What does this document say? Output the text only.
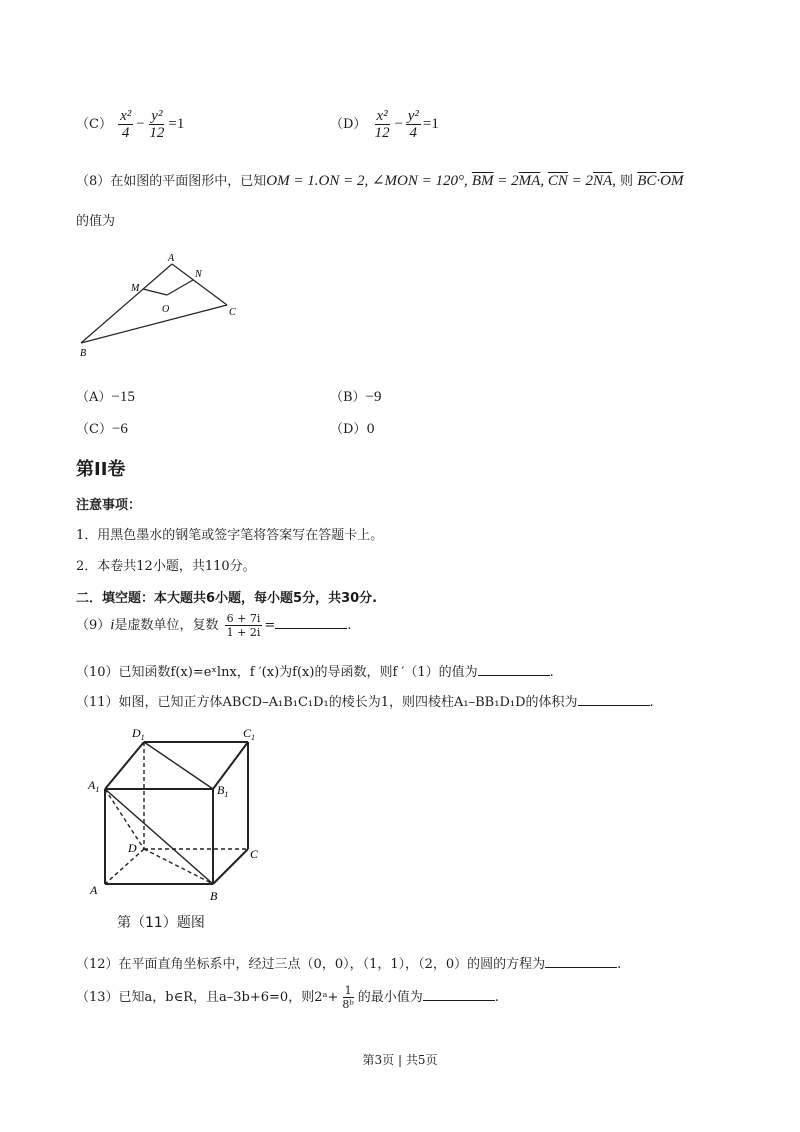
$(C) \frac{\text{x²}}{4} - \frac{\text{y²}}{12} =1$	$(D) \frac{\text{x²}}{12} - \frac{\text{y²}}{4} =1$
（8）在如图的平面图形中，已知OM = 1.ON = 2, ∠MON = 120°, $\overline{BM} = 2\overline{MA}$, $\overline{CN} = 2\overline{NA}$, 则 $\overline{BC}\cdot\overline{OM}$
的值为
A
N
M
O	C
B
（A）−15	（B）−9
（C）−6	（D）0
第II卷
注意事项：
1．用黑色墨水的钢笔或签字笔将答案写在答题卡上。
2．本卷共12小题，共110分。
二．填空题：本大题共6小题，每小题5分，共30分.
（9）i是虚数单位，复数 $\frac{6 + 7i}{1 + 2i}$ =	.
（10）已知函数f(x)=eˣlnx，f ′(x)为f(x)的导函数，则f ′（1）的值为	.
（11）如图，已知正方体ABCD–A₁B₁C₁D₁的棱长为1，则四棱柱A₁–BB₁D₁D的体积为	.
$D_1$	$C_1$
$A_1$	$B_1$
D	C
A	B
第（11）题图
（12）在平面直角坐标系中，经过三点（0，0），（1，1），（2，0）的圆的方程为	.
（13）已知a，b∈R，且a–3b+6=0，则2ᵃ+ $\frac{1}{\text{8ᵇ}}$ 的最小值为	.
第3页 | 共5页
